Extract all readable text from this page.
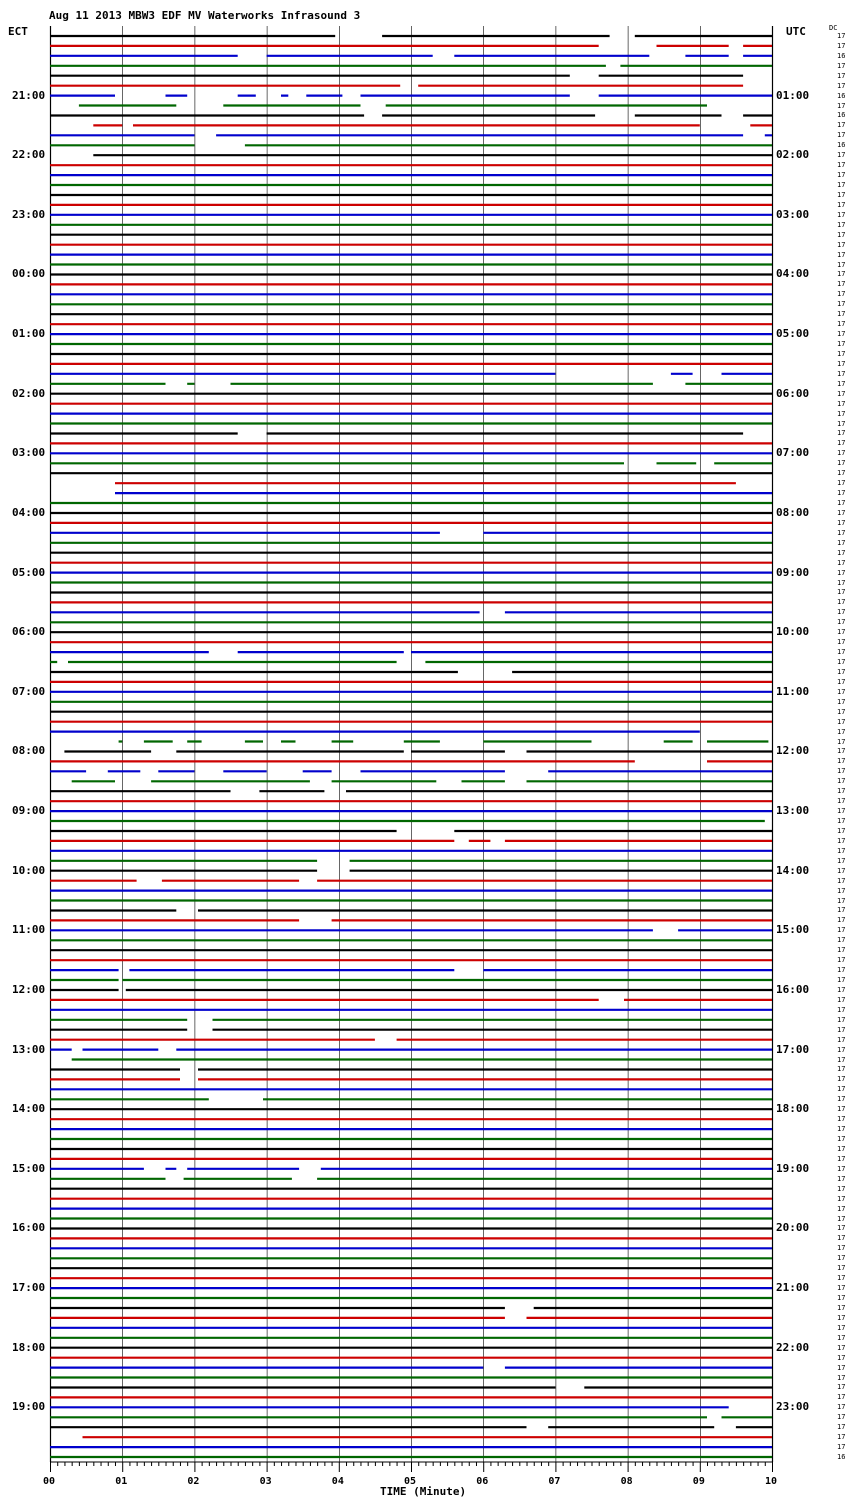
Aug 11 2013 MBW3 EDF MV Waterworks Infrasound 3
ECT	UTC	DC
21:00	01:00
22:00	02:00
23:00	03:00
00:00	04:00
01:00	05:00
02:00	06:00
03:00	07:00
04:00	08:00
05:00	09:00
06:00	10:00
07:00	11:00
08:00	12:00
09:00	13:00
10:00	14:00
11:00	15:00
12:00	16:00
13:00	17:00
14:00	18:00
15:00	19:00
16:00	20:00
17:00	21:00
18:00	22:00
19:00	23:00
17
17
16
17
17
17
16
17
16
17
17
16
17
17
17
17
17
17
17
17
17
17
17
17
17
17
17
17
17
17
17
17
17
17
17
17
17
17
17
17
17
17
17
17
17
17
17
17
17
17
17
17
17
17
17
17
17
17
17
17
17
17
17
17
17
17
17
17
17
17
17
17
17
17
17
17
17
17
17
17
17
17
17
17
17
17
17
17
17
17
17
17
17
17
17
17
17
17
17
17
17
17
17
17
17
17
17
17
17
17
17
17
17
17
17
17
17
17
17
17
17
17
17
17
17
17
17
17
17
17
17
17
17
17
17
17
17
17
17
17
17
17
17
16
00	01	02	03	04	05	06	07	08	09	10
TIME (Minute)
